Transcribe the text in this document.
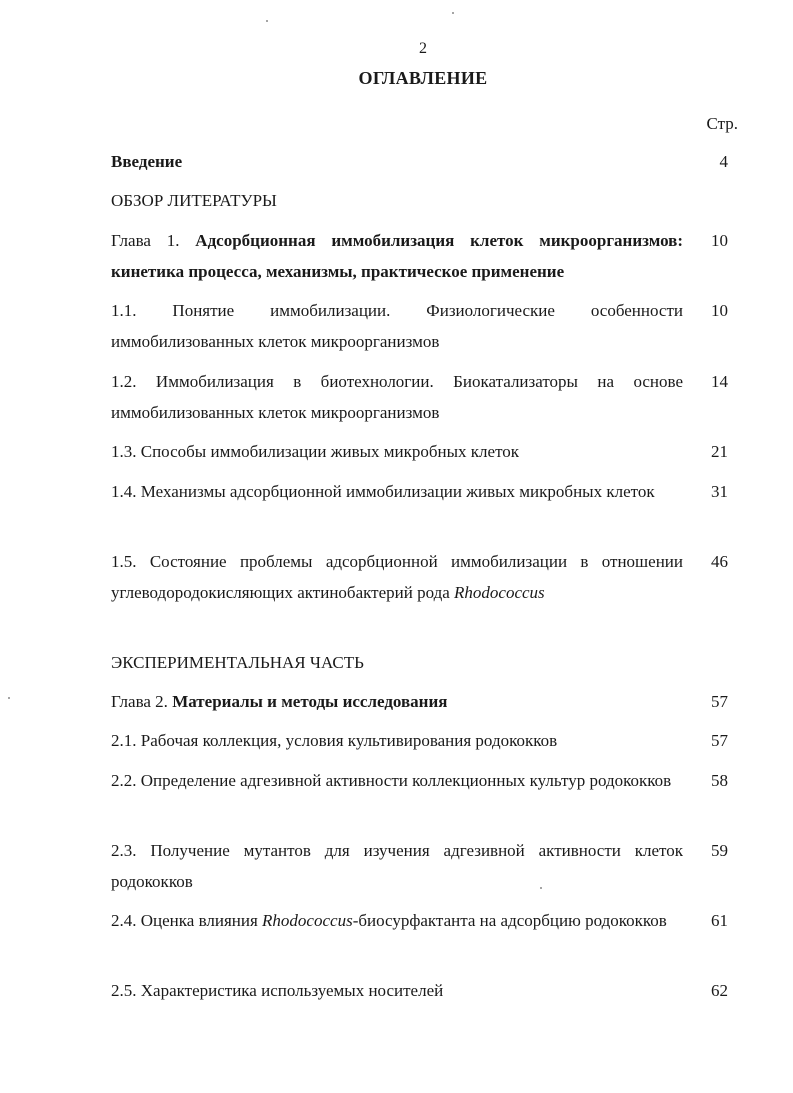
2
ОГЛАВЛЕНИЕ
Стр.
Введение	4
ОБЗОР ЛИТЕРАТУРЫ
Глава 1. Адсорбционная иммобилизация клеток микроорганизмов: кинетика процесса, механизмы, практическое применение
10
1.1. Понятие иммобилизации. Физиологические особенности иммобилизованных клеток микроорганизмов
10
1.2. Иммобилизация в биотехнологии. Биокатализаторы на основе иммобилизованных клеток микроорганизмов
14
1.3. Способы иммобилизации живых микробных клеток	21
1.4. Механизмы адсорбционной иммобилизации живых микробных клеток	31
1.5. Состояние проблемы адсорбционной иммобилизации в отношении углеводородокисляющих актинобактерий рода Rhodococcus
46
ЭКСПЕРИМЕНТАЛЬНАЯ ЧАСТЬ
Глава 2. Материалы и методы исследования	57
2.1. Рабочая коллекция, условия культивирования родококков	57
2.2. Определение адгезивной активности коллекционных культур родококков	58
2.3. Получение мутантов для изучения адгезивной активности клеток родококков
59
2.4. Оценка влияния Rhodococcus-биосурфактанта на адсорбцию родококков	61
2.5. Характеристика используемых носителей	62
